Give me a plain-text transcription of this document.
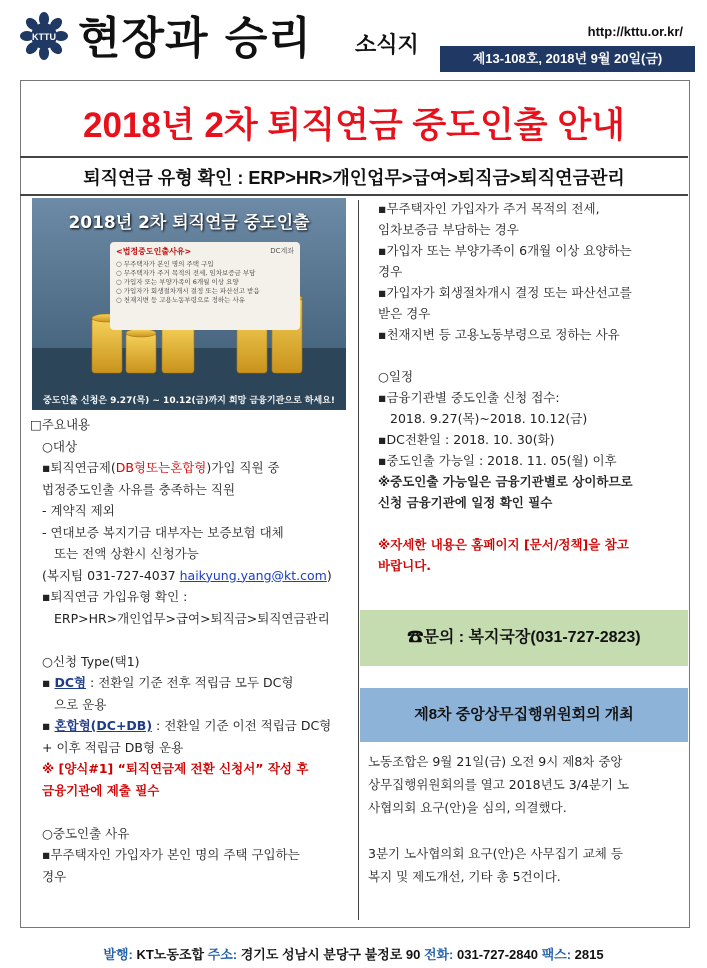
KTTU 현장과 승리 소식지
http://kttu.or.kr/
제13-108호, 2018년 9월 20일(금)
2018년 2차 퇴직연금 중도인출 안내
퇴직연금 유형 확인 : ERP>HR>개인업무>급여>퇴직금>퇴직연금관리
2018년 2차 퇴직연금 중도인출
<법정중도인출사유>	DC계좌
○ 무주택자가 본인 명의 주택 구입
○ 무주택자가 주거 목적의 전세, 임차보증금 부담
○ 가입자 또는 부양가족이 6개월 이상 요양
○ 가입자가 회생절차개시 결정 또는 파산선고 받음
○ 천재지변 등 고용노동부령으로 정하는 사유
중도인출 신청은 9.27(목) ~ 10.12(금)까지 희망 금융기관으로 하세요!

□주요내용

○대상

▪퇴직연금제(DB형또는혼합형)가입 직원 중

법정중도인출 사유를 충족하는 직원

- 계약직 제외

- 연대보증 복지기금 대부자는 보증보험 대체

또는 전액 상환시 신청가능

(복지팀 031-727-4037 haikyung.yang@kt.com)

▪퇴직연금 가입유형 확인 :

ERP>HR>개인업무>급여>퇴직금>퇴직연금관리

○신청 Type(택1)

▪ DC형 : 전환일 기준 전후 적립금 모두 DC형

으로 운용

▪ 혼합형(DC+DB) : 전환일 기준 이전 적립금 DC형

+ 이후 적립금 DB형 운용

※ [양식#1] “퇴직연금제 전환 신청서” 작성 후

금융기관에 제출 필수

○중도인출 사유

▪무주택자인 가입자가 본인 명의 주택 구입하는

경우

▪무주택자인 가입자가 주거 목적의 전세,

임차보증금 부담하는 경우

▪가입자 또는 부양가족이 6개월 이상 요양하는

경우

▪가입자가 회생절차개시 결정 또는 파산선고를

받은 경우

▪천재지변 등 고용노동부령으로 정하는 사유

○일정

▪금융기관별 중도인출 신청 접수:

2018. 9.27(목)~2018. 10.12(금)

▪DC전환일 : 2018. 10. 30(화)

▪중도인출 가능일 : 2018. 11. 05(월) 이후

※중도인출 가능일은 금융기관별로 상이하므로

신청 금융기관에 일정 확인 필수

※자세한 내용은 홈페이지 [문서/정책]을 참고

바랍니다.

☎문의 : 복지국장(031-727-2823)
제8차 중앙상무집행위원회의 개최

노동조합은 9월 21일(금) 오전 9시 제8차 중앙

상무집행위원회의를 열고 2018년도 3/4분기 노

사협의회 요구(안)을 심의, 의결했다.

3분기 노사협의회 요구(안)은 사무집기 교체 등

복지 및 제도개선, 기타 총 5건이다.

발행: KT노동조합 주소: 경기도 성남시 분당구 불정로 90 전화: 031-727-2840 팩스: 2815
